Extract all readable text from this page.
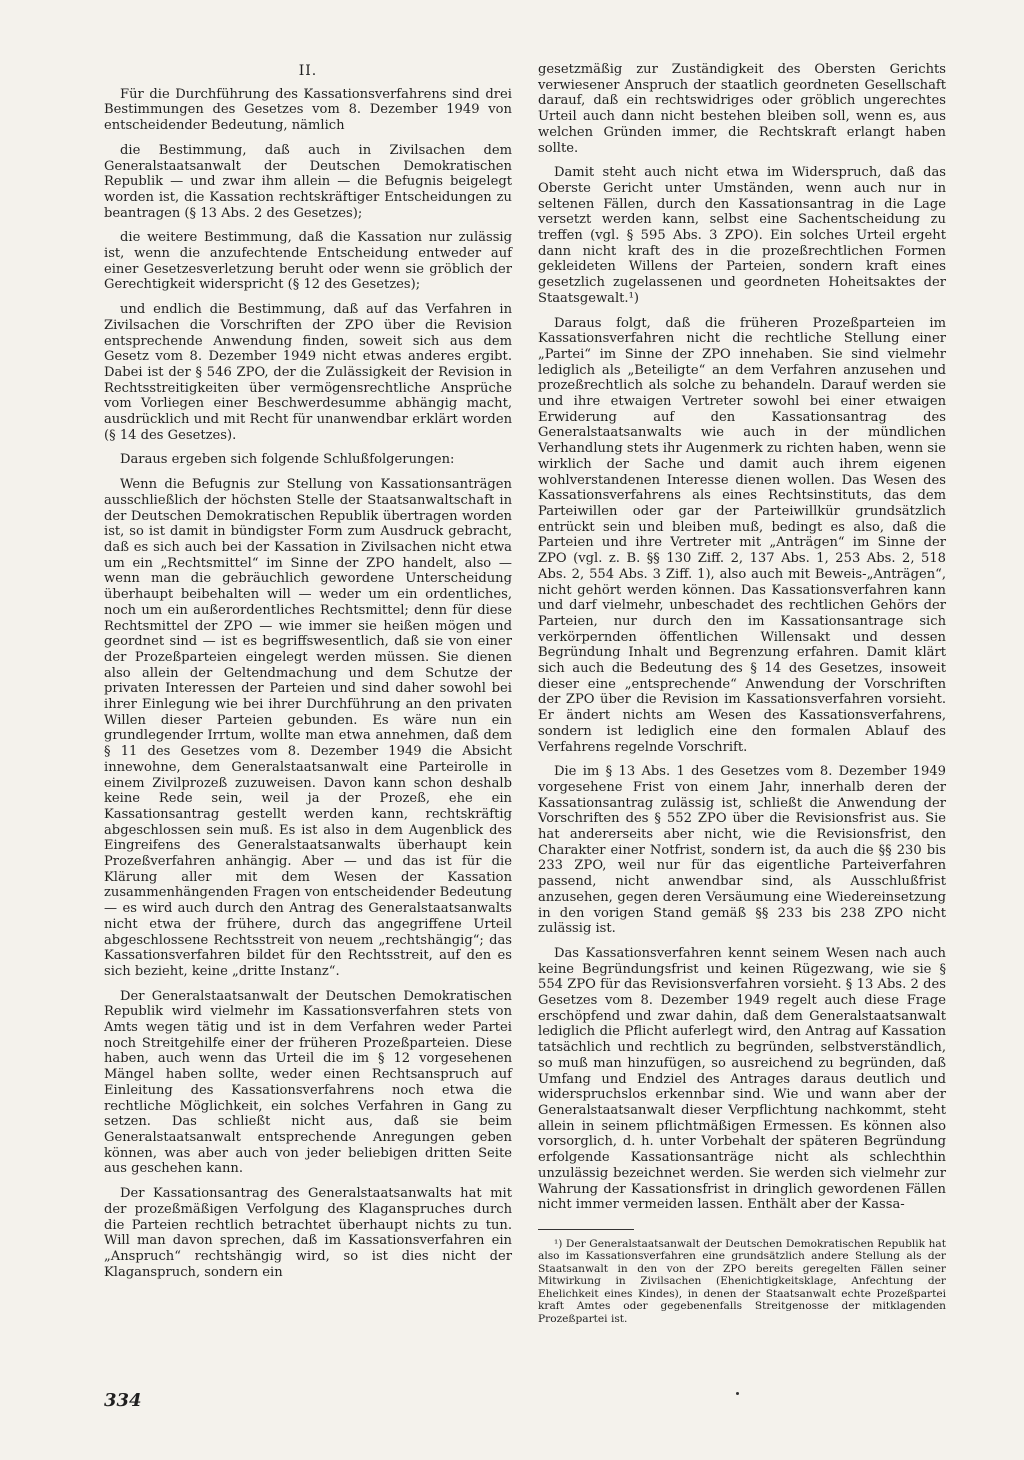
II.

Für die Durchführung des Kassationsverfahrens sind drei Bestimmungen des Gesetzes vom 8. Dezember 1949 von entscheidender Bedeutung, nämlich

die Bestimmung, daß auch in Zivilsachen dem Generalstaatsanwalt der Deutschen Demokratischen Republik — und zwar ihm allein — die Befugnis beigelegt worden ist, die Kassation rechtskräftiger Entscheidungen zu beantragen (§ 13 Abs. 2 des Gesetzes);

die weitere Bestimmung, daß die Kassation nur zulässig ist, wenn die anzufechtende Entscheidung entweder auf einer Gesetzesverletzung beruht oder wenn sie gröblich der Gerechtigkeit widerspricht (§ 12 des Gesetzes);

und endlich die Bestimmung, daß auf das Verfahren in Zivilsachen die Vorschriften der ZPO über die Revision entsprechende Anwendung finden, soweit sich aus dem Gesetz vom 8. Dezember 1949 nicht etwas anderes ergibt. Dabei ist der § 546 ZPO, der die Zulässigkeit der Revision in Rechtsstreitigkeiten über vermögensrechtliche Ansprüche vom Vorliegen einer Beschwerdesumme abhängig macht, ausdrücklich und mit Recht für unanwendbar erklärt worden (§ 14 des Gesetzes).

Daraus ergeben sich folgende Schlußfolgerungen:

Wenn die Befugnis zur Stellung von Kassationsanträgen ausschließlich der höchsten Stelle der Staatsanwaltschaft in der Deutschen Demokratischen Republik übertragen worden ist, so ist damit in bündigster Form zum Ausdruck gebracht, daß es sich auch bei der Kassation in Zivilsachen nicht etwa um ein „Rechtsmittel“ im Sinne der ZPO handelt, also — wenn man die gebräuchlich gewordene Unterscheidung überhaupt beibehalten will — weder um ein ordentliches, noch um ein außerordentliches Rechtsmittel; denn für diese Rechtsmittel der ZPO — wie immer sie heißen mögen und geordnet sind — ist es begriffswesentlich, daß sie von einer der Prozeßparteien eingelegt werden müssen. Sie dienen also allein der Geltendmachung und dem Schutze der privaten Interessen der Parteien und sind daher sowohl bei ihrer Einlegung wie bei ihrer Durchführung an den privaten Willen dieser Parteien gebunden. Es wäre nun ein grundlegender Irrtum, wollte man etwa annehmen, daß dem § 11 des Gesetzes vom 8. Dezember 1949 die Absicht innewohne, dem Generalstaatsanwalt eine Parteirolle in einem Zivilprozeß zuzuweisen. Davon kann schon deshalb keine Rede sein, weil ja der Prozeß, ehe ein Kassationsantrag gestellt werden kann, rechtskräftig abgeschlossen sein muß. Es ist also in dem Augenblick des Eingreifens des Generalstaatsanwalts überhaupt kein Prozeßverfahren anhängig. Aber — und das ist für die Klärung aller mit dem Wesen der Kassation zusammenhängenden Fragen von entscheidender Bedeutung — es wird auch durch den Antrag des Generalstaatsanwalts nicht etwa der frühere, durch das angegriffene Urteil abgeschlossene Rechtsstreit von neuem „rechtshängig“; das Kassationsverfahren bildet für den Rechtsstreit, auf den es sich bezieht, keine „dritte Instanz“.

Der Generalstaatsanwalt der Deutschen Demokratischen Republik wird vielmehr im Kassationsverfahren stets von Amts wegen tätig und ist in dem Verfahren weder Partei noch Streitgehilfe einer der früheren Prozeßparteien. Diese haben, auch wenn das Urteil die im § 12 vorgesehenen Mängel haben sollte, weder einen Rechtsanspruch auf Einleitung des Kassationsverfahrens noch etwa die rechtliche Möglichkeit, ein solches Verfahren in Gang zu setzen. Das schließt nicht aus, daß sie beim Generalstaatsanwalt entsprechende Anregungen geben können, was aber auch von jeder beliebigen dritten Seite aus geschehen kann.

Der Kassationsantrag des Generalstaatsanwalts hat mit der prozeßmäßigen Verfolgung des Klaganspruches durch die Parteien rechtlich betrachtet überhaupt nichts zu tun. Will man davon sprechen, daß im Kassationsverfahren ein „Anspruch“ rechtshängig wird, so ist dies nicht der Klaganspruch, sondern ein

gesetzmäßig zur Zuständigkeit des Obersten Gerichts verwiesener Anspruch der staatlich geordneten Gesellschaft darauf, daß ein rechtswidriges oder gröblich ungerechtes Urteil auch dann nicht bestehen bleiben soll, wenn es, aus welchen Gründen immer, die Rechtskraft erlangt haben sollte.

Damit steht auch nicht etwa im Widerspruch, daß das Oberste Gericht unter Umständen, wenn auch nur in seltenen Fällen, durch den Kassationsantrag in die Lage versetzt werden kann, selbst eine Sachentscheidung zu treffen (vgl. § 595 Abs. 3 ZPO). Ein solches Urteil ergeht dann nicht kraft des in die prozeßrechtlichen Formen gekleideten Willens der Parteien, sondern kraft eines gesetzlich zugelassenen und geordneten Hoheitsaktes der Staatsgewalt.¹)

Daraus folgt, daß die früheren Prozeßparteien im Kassationsverfahren nicht die rechtliche Stellung einer „Partei“ im Sinne der ZPO innehaben. Sie sind vielmehr lediglich als „Beteiligte“ an dem Verfahren anzusehen und prozeßrechtlich als solche zu behandeln. Darauf werden sie und ihre etwaigen Vertreter sowohl bei einer etwaigen Erwiderung auf den Kassationsantrag des Generalstaatsanwalts wie auch in der mündlichen Verhandlung stets ihr Augenmerk zu richten haben, wenn sie wirklich der Sache und damit auch ihrem eigenen wohlverstandenen Interesse dienen wollen. Das Wesen des Kassationsverfahrens als eines Rechtsinstituts, das dem Parteiwillen oder gar der Parteiwillkür grundsätzlich entrückt sein und bleiben muß, bedingt es also, daß die Parteien und ihre Vertreter mit „Anträgen“ im Sinne der ZPO (vgl. z. B. §§ 130 Ziff. 2, 137 Abs. 1, 253 Abs. 2, 518 Abs. 2, 554 Abs. 3 Ziff. 1), also auch mit Beweis-„Anträgen“, nicht gehört werden können. Das Kassationsverfahren kann und darf vielmehr, unbeschadet des rechtlichen Gehörs der Parteien, nur durch den im Kassationsantrage sich verkörpernden öffentlichen Willensakt und dessen Begründung Inhalt und Begrenzung erfahren. Damit klärt sich auch die Bedeutung des § 14 des Gesetzes, insoweit dieser eine „entsprechende“ Anwendung der Vorschriften der ZPO über die Revision im Kassationsverfahren vorsieht. Er ändert nichts am Wesen des Kassationsverfahrens, sondern ist lediglich eine den formalen Ablauf des Verfahrens regelnde Vorschrift.

Die im § 13 Abs. 1 des Gesetzes vom 8. Dezember 1949 vorgesehene Frist von einem Jahr, innerhalb deren der Kassationsantrag zulässig ist, schließt die Anwendung der Vorschriften des § 552 ZPO über die Revisionsfrist aus. Sie hat andererseits aber nicht, wie die Revisionsfrist, den Charakter einer Notfrist, sondern ist, da auch die §§ 230 bis 233 ZPO, weil nur für das eigentliche Parteiverfahren passend, nicht anwendbar sind, als Ausschlußfrist anzusehen, gegen deren Versäumung eine Wiedereinsetzung in den vorigen Stand gemäß §§ 233 bis 238 ZPO nicht zulässig ist.

Das Kassationsverfahren kennt seinem Wesen nach auch keine Begründungsfrist und keinen Rügezwang, wie sie § 554 ZPO für das Revisionsverfahren vorsieht. § 13 Abs. 2 des Gesetzes vom 8. Dezember 1949 regelt auch diese Frage erschöpfend und zwar dahin, daß dem Generalstaatsanwalt lediglich die Pflicht auferlegt wird, den Antrag auf Kassation tatsächlich und rechtlich zu begründen, selbstverständlich, so muß man hinzufügen, so ausreichend zu begründen, daß Umfang und Endziel des Antrages daraus deutlich und widerspruchslos erkennbar sind. Wie und wann aber der Generalstaatsanwalt dieser Verpflichtung nachkommt, steht allein in seinem pflichtmäßigen Ermessen. Es können also vorsorglich, d. h. unter Vorbehalt der späteren Begründung erfolgende Kassationsanträge nicht als schlechthin unzulässig bezeichnet werden. Sie werden sich vielmehr zur Wahrung der Kassationsfrist in dringlich gewordenen Fällen nicht immer vermeiden lassen. Enthält aber der Kassa-

¹) Der Generalstaatsanwalt der Deutschen Demokratischen Republik hat also im Kassationsverfahren eine grundsätzlich andere Stellung als der Staatsanwalt in den von der ZPO bereits geregelten Fällen seiner Mitwirkung in Zivilsachen (Ehenichtigkeitsklage, Anfechtung der Ehelichkeit eines Kindes), in denen der Staatsanwalt echte Prozeßpartei kraft Amtes oder gegebenenfalls Streitgenosse der mitklagenden Prozeßpartei ist.

334
